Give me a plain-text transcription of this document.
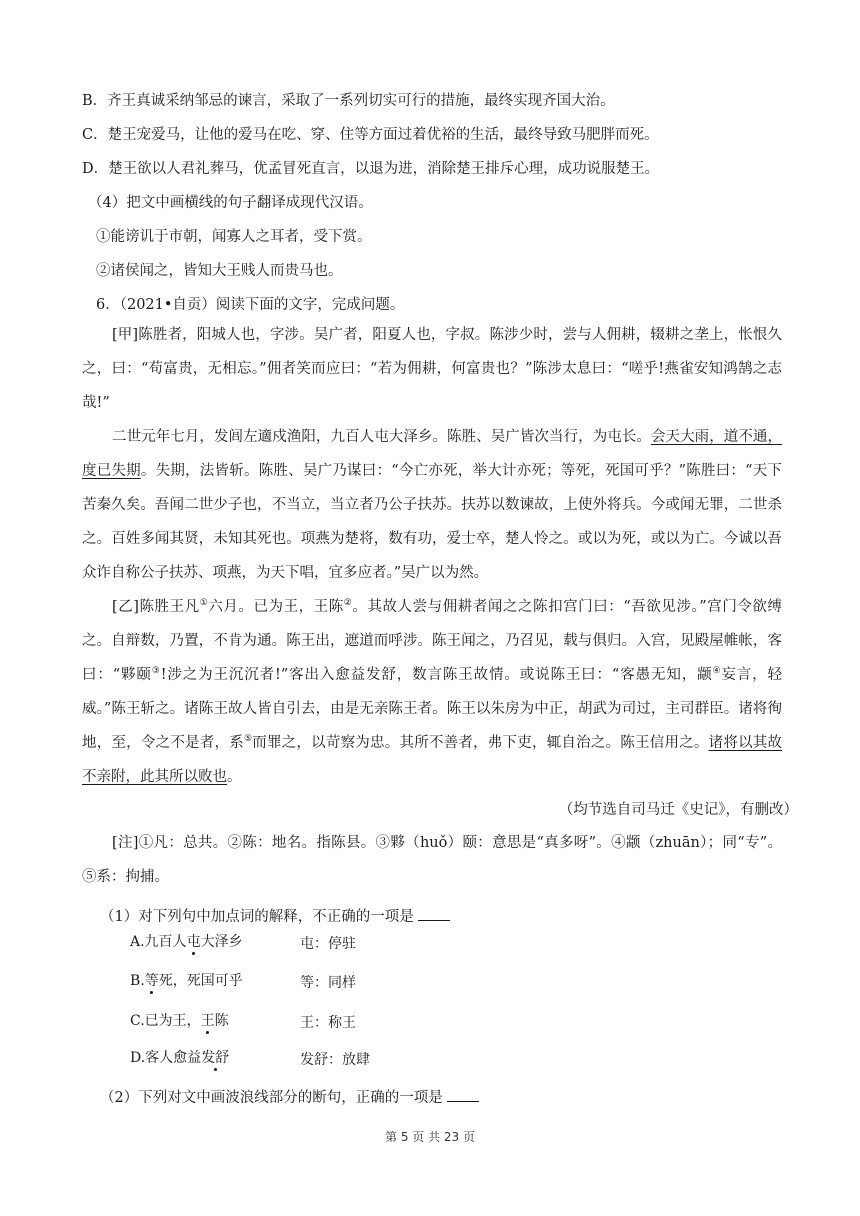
B．齐王真诚采纳邹忌的谏言，采取了一系列切实可行的措施，最终实现齐国大治。
C．楚王宠爱马，让他的爱马在吃、穿、住等方面过着优裕的生活，最终导致马肥胖而死。
D．楚王欲以人君礼葬马，优孟冒死直言，以退为进，消除楚王排斥心理，成功说服楚王。
（4）把文中画横线的句子翻译成现代汉语。
①能谤讥于市朝，闻寡人之耳者，受下赏。
②诸侯闻之，皆知大王贱人而贵马也。
6．（2021•自贡）阅读下面的文字，完成问题。
[甲]陈胜者，阳城人也，字涉。吴广者，阳夏人也，字叔。陈涉少时，尝与人佣耕，辍耕之垄上，怅恨久之，曰：“苟富贵，无相忘。”佣者笑而应曰：“若为佣耕，何富贵也？”陈涉太息曰：“嗟乎!燕雀安知鸿鹄之志哉!”
二世元年七月，发闾左適戍渔阳，九百人屯大泽乡。陈胜、吴广皆次当行，为屯长。会天大雨，道不通，度已失期。失期，法皆斩。陈胜、吴广乃谋曰：“今亡亦死，举大计亦死；等死，死国可乎？”陈胜曰：“天下苦秦久矣。吾闻二世少子也，不当立，当立者乃公子扶苏。扶苏以数谏故，上使外将兵。今或闻无罪，二世杀之。百姓多闻其贤，未知其死也。项燕为楚将，数有功，爱士卒，楚人怜之。或以为死，或以为亡。今诚以吾众诈自称公子扶苏、项燕，为天下唱，宜多应者。”吴广以为然。
[乙]陈胜王凡①六月。已为王，王陈②。其故人尝与佣耕者闻之之陈扣宫门曰：“吾欲见涉。”宫门令欲缚之。自辩数，乃置，不肯为通。陈王出，遮道而呼涉。陈王闻之，乃召见，载与俱归。入宫，见殿屋帷帐，客曰：“夥颐③!涉之为王沉沉者!”客出入愈益发舒，数言陈王故情。或说陈王曰：“客愚无知，颛④妄言，轻威。”陈王斩之。诸陈王故人皆自引去，由是无亲陈王者。陈王以朱房为中正，胡武为司过，主司群臣。诸将徇地，至，令之不是者，系⑤而罪之，以苛察为忠。其所不善者，弗下吏，辄自治之。陈王信用之。诸将以其故不亲附，此其所以败也。
（均节选自司马迁《史记》，有删改）
[注]①凡：总共。②陈：地名。指陈县。③夥（huǒ）颐：意思是“真多呀”。④颛（zhuān）；同“专”。⑤系：拘捕。
（1）对下列句中加点词的解释，不正确的一项是
A.九百人屯大泽乡	屯：停驻
B.等死，死国可乎	等：同样
C.已为王，王陈	王：称王
D.客人愈益发舒	发舒：放肆
（2）下列对文中画波浪线部分的断句，正确的一项是
第 5 页 共 23 页
